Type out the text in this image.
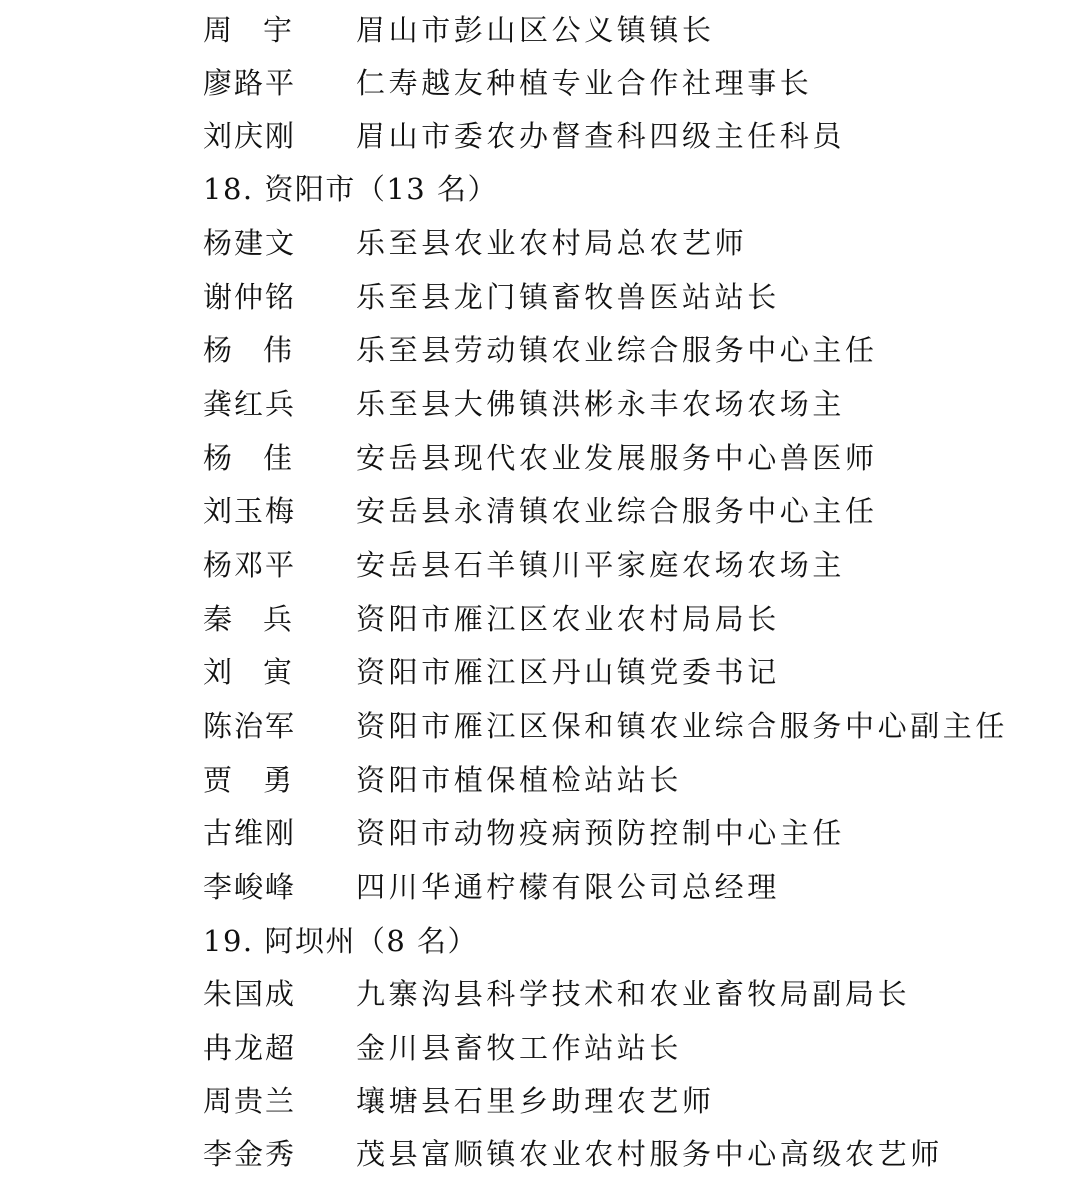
周 宇	眉山市彭山区公义镇镇长
廖路平	仁寿越友种植专业合作社理事长
刘庆刚	眉山市委农办督查科四级主任科员
18. 资阳市（13 名）
杨建文	乐至县农业农村局总农艺师
谢仲铭	乐至县龙门镇畜牧兽医站站长
杨 伟	乐至县劳动镇农业综合服务中心主任
龚红兵	乐至县大佛镇洪彬永丰农场农场主
杨 佳	安岳县现代农业发展服务中心兽医师
刘玉梅	安岳县永清镇农业综合服务中心主任
杨邓平	安岳县石羊镇川平家庭农场农场主
秦 兵	资阳市雁江区农业农村局局长
刘 寅	资阳市雁江区丹山镇党委书记
陈治军	资阳市雁江区保和镇农业综合服务中心副主任
贾 勇	资阳市植保植检站站长
古维刚	资阳市动物疫病预防控制中心主任
李峻峰	四川华通柠檬有限公司总经理
19. 阿坝州（8 名）
朱国成	九寨沟县科学技术和农业畜牧局副局长
冉龙超	金川县畜牧工作站站长
周贵兰	壤塘县石里乡助理农艺师
李金秀	茂县富顺镇农业农村服务中心高级农艺师
